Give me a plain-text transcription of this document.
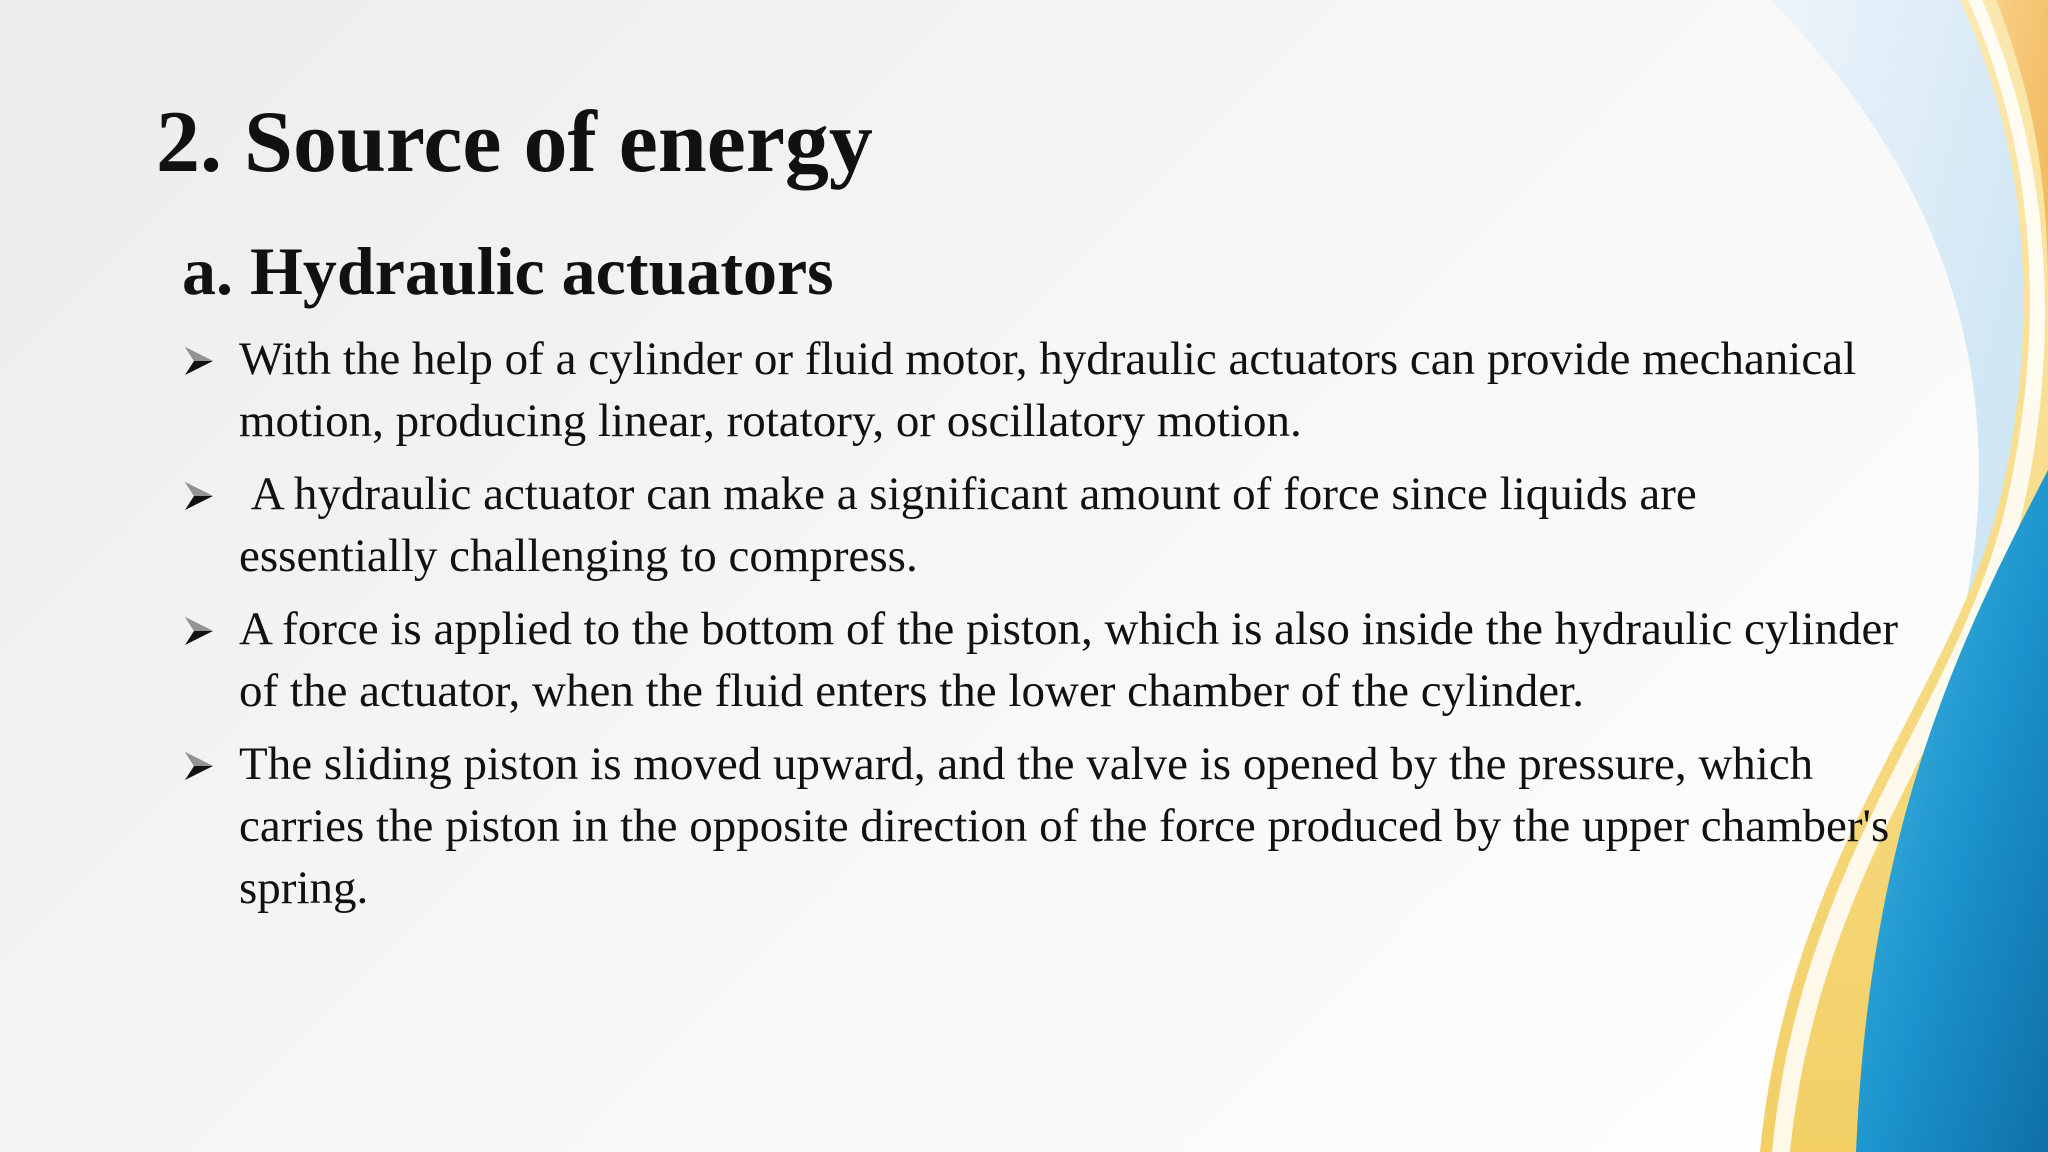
2. Source of energy
a. Hydraulic actuators
With the help of a cylinder or fluid motor, hydraulic actuators can provide mechanical motion, producing linear, rotatory, or oscillatory motion.
A hydraulic actuator can make a significant amount of force since liquids are essentially challenging to compress.
A force is applied to the bottom of the piston, which is also inside the hydraulic cylinder of the actuator, when the fluid enters the lower chamber of the cylinder.
The sliding piston is moved upward, and the valve is opened by the pressure, which carries the piston in the opposite direction of the force produced by the upper chamber's spring.
